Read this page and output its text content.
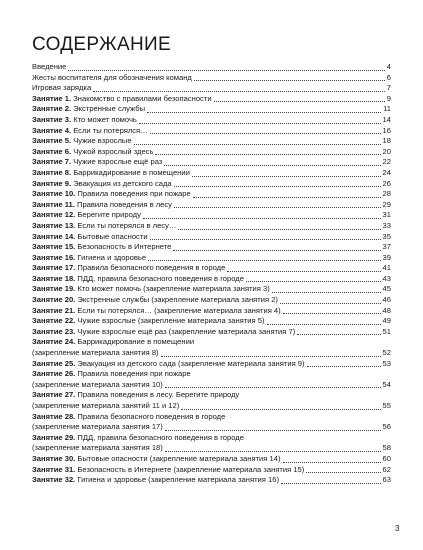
СОДЕРЖАНИЕ
Введение	4
Жесты воспитателя для обозначения команд	6
Игровая зарядка	7
Занятие 1. Знакомство с правилами безопасности	9
Занятие 2. Экстренные службы	11
Занятие 3. Кто может помочь	14
Занятие 4. Если ты потерялся…	16
Занятие 5. Чужие взрослые	18
Занятие 6. Чужой взрослый здесь	20
Занятие 7. Чужие взрослые ещё раз	22
Занятие 8. Баррикадирование в помещении	24
Занятие 9. Эвакуация из детского сада	26
Занятие 10. Правила поведения при пожаре	28
Занятие 11. Правила поведения в лесу	29
Занятие 12. Берегите природу	31
Занятие 13. Если ты потерялся в лесу…	33
Занятие 14. Бытовые опасности	35
Занятие 15. Безопасность в Интернете	37
Занятие 16. Гигиена и здоровье	39
Занятие 17. Правила безопасного поведения в городе	41
Занятие 18. ПДД, правила безопасного поведения в городе	43
Занятие 19. Кто может помочь (закрепление материала занятия 3)	45
Занятие 20. Экстренные службы (закрепление материала занятия 2)	46
Занятие 21. Если ты потерялся… (закрепление материала занятия 4)	48
Занятие 22. Чужие взрослые (закрепление материала занятия 5)	49
Занятие 23. Чужие взрослые ещё раз (закрепление материала занятия 7)	51
Занятие 24. Баррикадирование в помещении
(закрепление материала занятия 8)	52
Занятие 25. Эвакуация из детского сада (закрепление материала занятия 9)	53
Занятие 26. Правила поведения при пожаре
(закрепление материала занятия 10)	54
Занятие 27. Правила поведения в лесу. Берегите природу
(закрепление материала занятий 11 и 12)	55
Занятие 28. Правила безопасного поведения в городе
(закрепление материала занятия 17)	56
Занятие 29. ПДД, правила безопасного поведения в городе
(закрепление материала занятия 18)	58
Занятие 30. Бытовые опасности (закрепление материала занятия 14)	60
Занятие 31. Безопасность в Интернете (закрепление материала занятия 15)	62
Занятие 32. Гигиена и здоровье (закрепление материала занятия 16)	63
3
